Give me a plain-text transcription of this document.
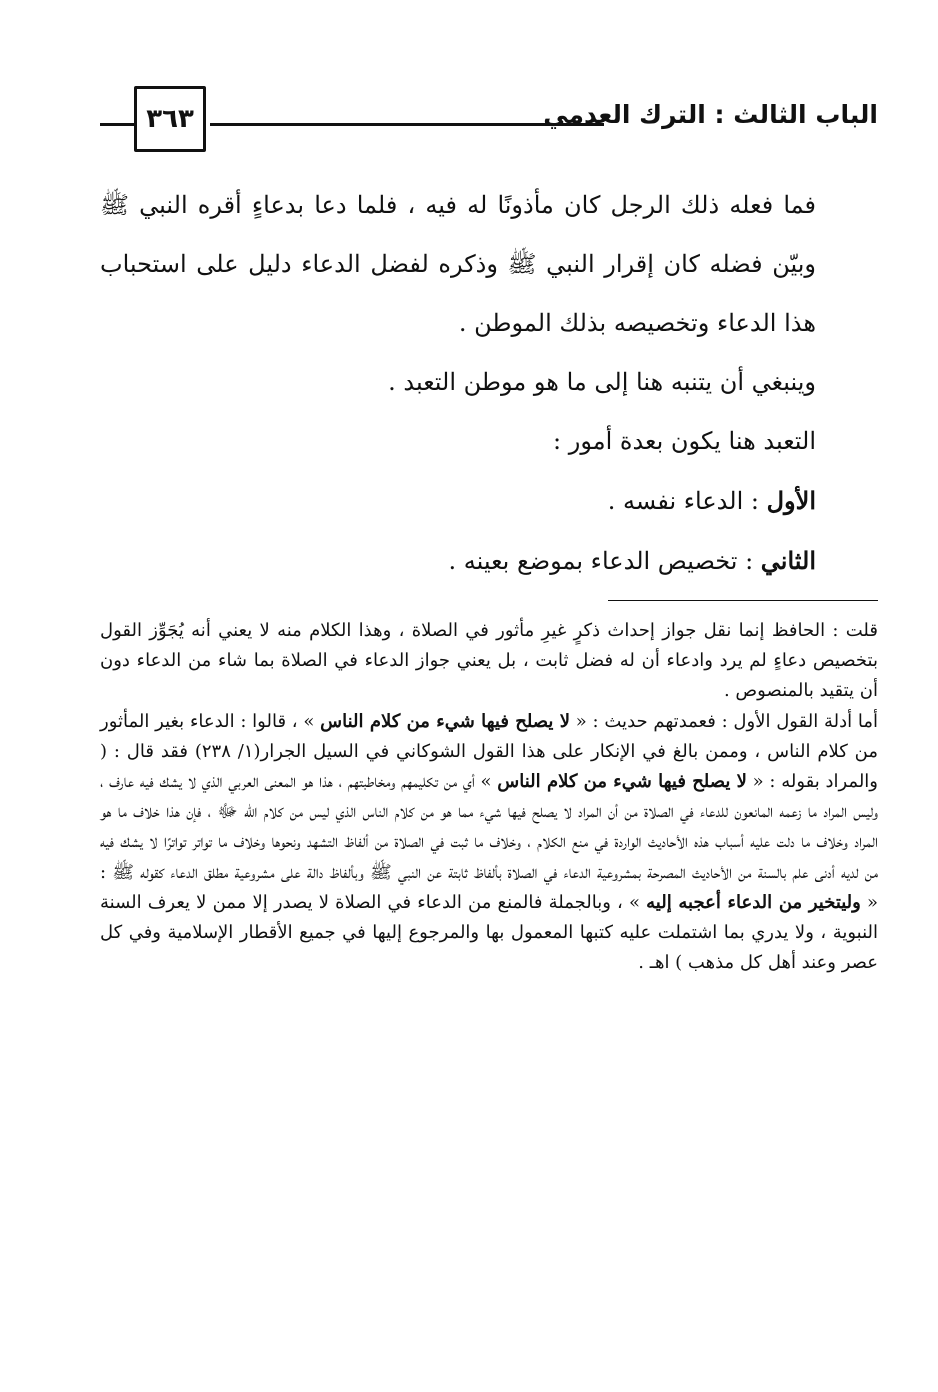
الباب الثالث : الترك العدمي
٣٦٣

فما فعله ذلك الرجل كان مأذونًا له فيه ، فلما دعا بدعاءٍ أقره النبي ﷺ وبيّن فضله كان إقرار النبي ﷺ وذكره لفضل الدعاء دليل على استحباب هذا الدعاء وتخصيصه بذلك الموطن .

وينبغي أن يتنبه هنا إلى ما هو موطن التعبد .

التعبد هنا يكون بعدة أمور :

الأول : الدعاء نفسه .

الثاني : تخصيص الدعاء بموضع بعينه .

قلت : الحافظ إنما نقل جواز إحداث ذكرٍ غيرِ مأثور في الصلاة ، وهذا الكلام منه لا يعني أنه يُجَوِّز القول بتخصيص دعاءٍ لم يرد وادعاء أن له فضل ثابت ، بل يعني جواز الدعاء في الصلاة بما شاء من الدعاء دون أن يتقيد بالمنصوص .

أما أدلة القول الأول : فعمدتهم حديث : « لا يصلح فيها شيء من كلام الناس » ، قالوا : الدعاء بغير المأثور من كلام الناس ، وممن بالغ في الإنكار على هذا القول الشوكاني في السيل الجرار(١/ ٢٣٨) فقد قال : ( والمراد بقوله : « لا يصلح فيها شيء من كلام الناس » أي من تكليمهم ومخاطبتهم ، هذا هو المعنى العربي الذي لا يشك فيه عارف ، وليس المراد ما زعمه المانعون للدعاء في الصلاة من أن المراد لا يصلح فيها شيء مما هو من كلام الناس الذي ليس من كلام الله ﷻ ، فإن هذا خلاف ما هو المراد وخلاف ما دلت عليه أسباب هذه الأحاديث الواردة في منع الكلام ، وخلاف ما ثبت في الصلاة من ألفاظ التشهد ونحوها وخلاف ما تواتر تواترًا لا يشك فيه من لديه أدنى علم بالسنة من الأحاديث المصرحة بمشروعية الدعاء في الصلاة بألفاظ ثابتة عن النبي ﷺ وبألفاظ دالة على مشروعية مطلق الدعاء كقوله ﷺ : « وليتخير من الدعاء أعجبه إليه » ، وبالجملة فالمنع من الدعاء في الصلاة لا يصدر إلا ممن لا يعرف السنة النبوية ، ولا يدري بما اشتملت عليه كتبها المعمول بها والمرجوع إليها في جميع الأقطار الإسلامية وفي كل عصر وعند أهل كل مذهب ) اهـ .
